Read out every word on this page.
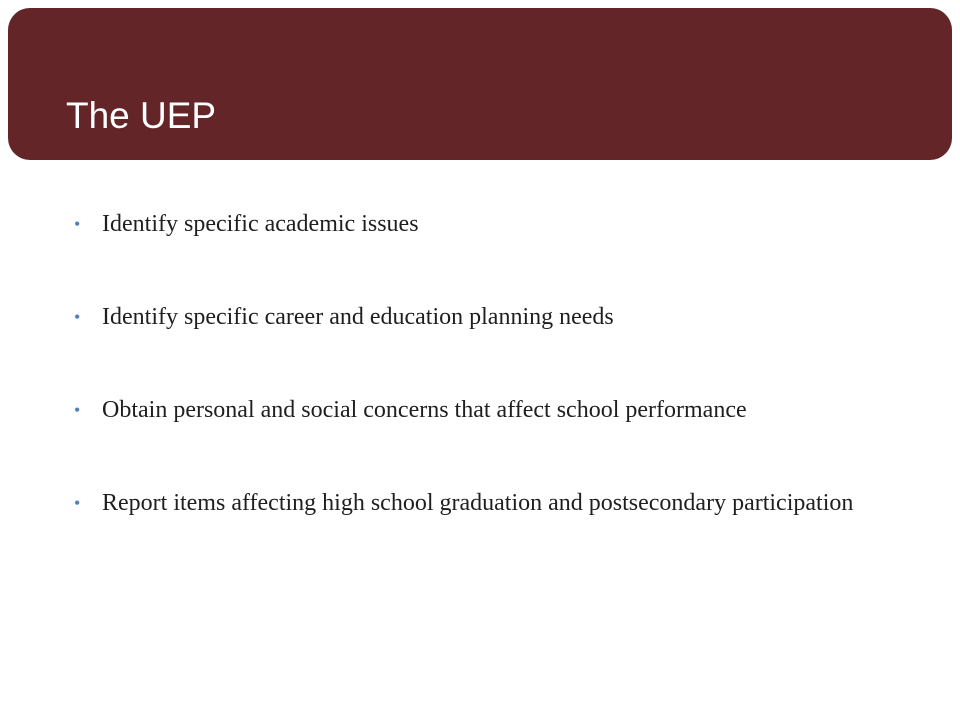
The UEP
• Identify specific academic issues
• Identify specific career and education planning needs
• Obtain personal and social concerns that affect school performance
• Report items affecting high school graduation and postsecondary participation
